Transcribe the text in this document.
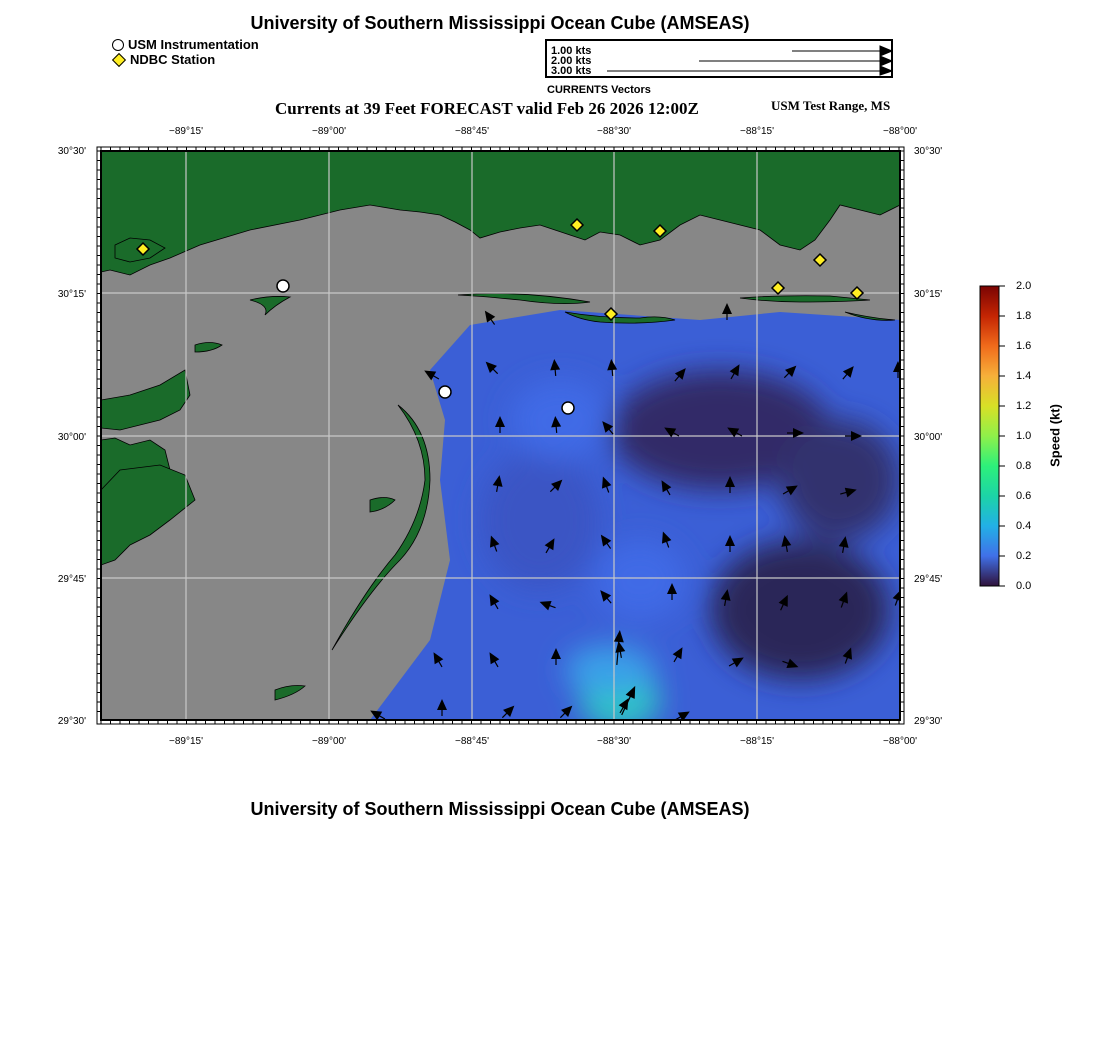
University of Southern Mississippi Ocean Cube (AMSEAS)
USM Instrumentation
NDBC Station
1.00 kts
2.00 kts
3.00 kts
CURRENTS Vectors
Currents at 39 Feet FORECAST valid Feb 26 2026 12:00Z	USM Test Range, MS
−89°15'	−89°00'	−88°45'	−88°30'	−88°15'	−88°00'
−89°15'	−89°00'	−88°45'	−88°30'	−88°15'	−88°00'
30°30'
30°15'
30°00'
29°45'
29°30'
30°30'
30°15'
30°00'
29°45'
29°30'
2.0
1.8
1.6
1.4
1.2
1.0
0.8
0.6
0.4
0.2
0.0
Speed (kt)
University of Southern Mississippi Ocean Cube (AMSEAS)
